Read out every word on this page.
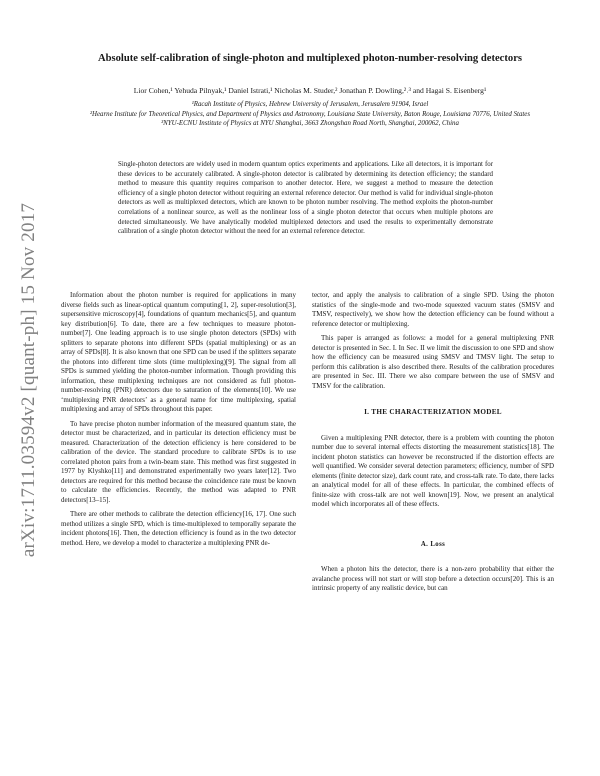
arXiv:1711.03594v2 [quant-ph] 15 Nov 2017
Absolute self-calibration of single-photon and multiplexed photon-number-resolving detectors
Lior Cohen,¹ Yehuda Pilnyak,¹ Daniel Istrati,¹ Nicholas M. Studer,² Jonathan P. Dowling,²˒³ and Hagai S. Eisenberg¹

¹Racah Institute of Physics, Hebrew University of Jerusalem, Jerusalem 91904, Israel

²Hearne Institute for Theoretical Physics, and Department of Physics and Astronomy, Louisiana State University, Baton Rouge, Louisiana 70776, United States

³NYU-ECNU Institute of Physics at NYU Shanghai, 3663 Zhongshan Road North, Shanghai, 200062, China

Single-photon detectors are widely used in modern quantum optics experiments and applications. Like all detectors, it is important for these devices to be accurately calibrated. A single-photon detector is calibrated by determining its detection efficiency; the standard method to measure this quantity requires comparison to another detector. Here, we suggest a method to measure the detection efficiency of a single photon detector without requiring an external reference detector. Our method is valid for individual single-photon detectors as well as multiplexed detectors, which are known to be photon number resolving. The method exploits the photon-number correlations of a nonlinear source, as well as the nonlinear loss of a single photon detector that occurs when multiple photons are detected simultaneously. We have analytically modeled multiplexed detectors and used the results to experimentally demonstrate calibration of a single photon detector without the need for an external reference detector.

Information about the photon number is required for applications in many diverse fields such as linear-optical quantum computing[1, 2], super-resolution[3], supersensitive microscopy[4], foundations of quantum mechanics[5], and quantum key distribution[6]. To date, there are a few techniques to measure photon-number[7]. One leading approach is to use single photon detectors (SPDs) with splitters to separate photons into different SPDs (spatial multiplexing) or as an array of SPDs[8]. It is also known that one SPD can be used if the splitters separate the photons into different time slots (time multiplexing)[9]. The signal from all SPDs is summed yielding the photon-number information. Though providing this information, these multiplexing techniques are not considered as full photon-number-resolving (PNR) detectors due to saturation of the elements[10]. We use ‘multiplexing PNR detectors’ as a general name for time multiplexing, spatial multiplexing and array of SPDs throughout this paper.

To have precise photon number information of the measured quantum state, the detector must be characterized, and in particular its detection efficiency must be measured. Characterization of the detection efficiency is here considered to be calibration of the device. The standard procedure to calibrate SPDs is to use correlated photon pairs from a twin-beam state. This method was first suggested in 1977 by Klyshko[11] and demonstrated experimentally two years later[12]. Two detectors are required for this method because the coincidence rate must be known to calculate the efficiencies. Recently, the method was adapted to PNR detectors[13–15].

There are other methods to calibrate the detection efficiency[16, 17]. One such method utilizes a single SPD, which is time-multiplexed to temporally separate the incident photons[16]. Then, the detection efficiency is found as in the two detector method. Here, we develop a model to characterize a multiplexing PNR de-

tector, and apply the analysis to calibration of a single SPD. Using the photon statistics of the single-mode and two-mode squeezed vacuum states (SMSV and TMSV, respectively), we show how the detection efficiency can be found without a reference detector or multiplexing.

This paper is arranged as follows: a model for a general multiplexing PNR detector is presented in Sec. I. In Sec. II we limit the discussion to one SPD and show how the efficiency can be measured using SMSV and TMSV light. The setup to perform this calibration is also described there. Results of the calibration procedures are presented in Sec. III. There we also compare between the use of SMSV and TMSV for the calibration.

I. THE CHARACTERIZATION MODEL

Given a multiplexing PNR detector, there is a problem with counting the photon number due to several internal effects distorting the measurement statistics[18]. The incident photon statistics can however be reconstructed if the distortion effects are well quantified. We consider several detection parameters; efficiency, number of SPD elements (finite detector size), dark count rate, and cross-talk rate. To date, there lacks an analytical model for all of these effects. In particular, the combined effects of finite-size with cross-talk are not well known[19]. Now, we present an analytical model which incorporates all of these effects.

A. Loss

When a photon hits the detector, there is a non-zero probability that either the avalanche process will not start or will stop before a detection occurs[20]. This is an intrinsic property of any realistic device, but can
